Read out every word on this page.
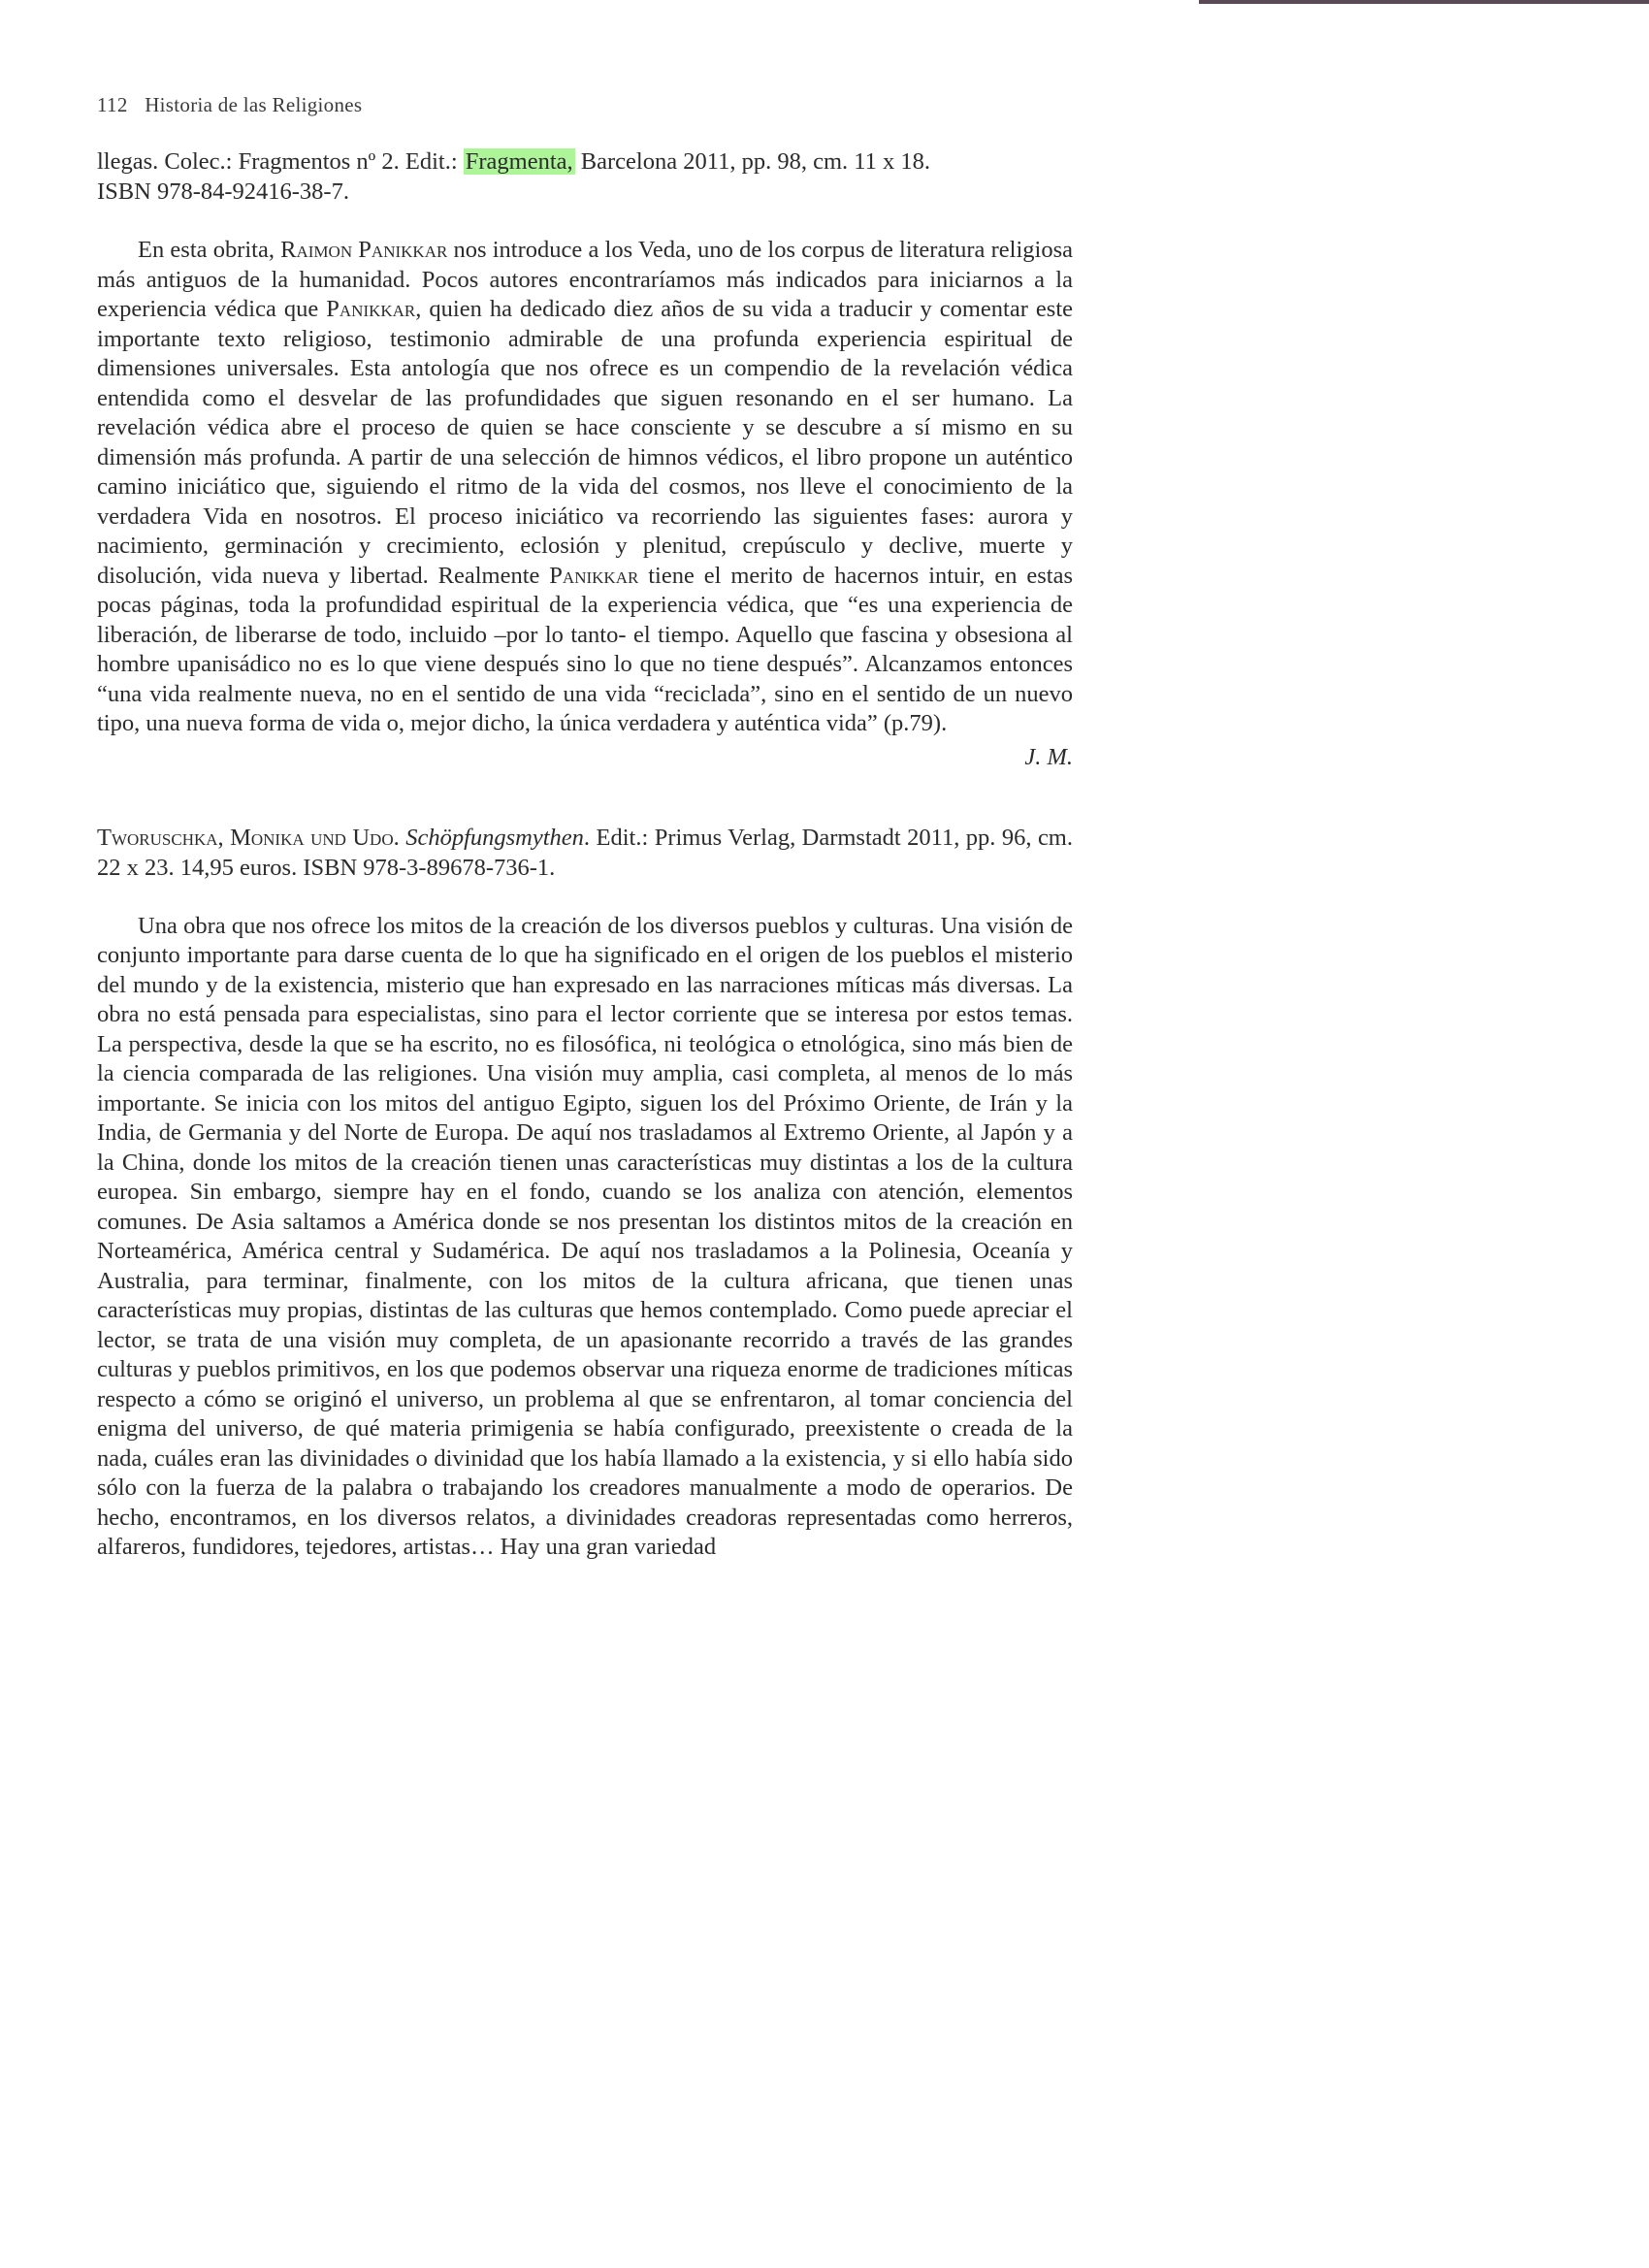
112 Historia de las Religiones

llegas. Colec.: Fragmentos nº 2. Edit.: Fragmenta, Barcelona 2011, pp. 98, cm. 11 x 18.
ISBN 978-84-92416-38-7.

En esta obrita, Raimon Panikkar nos introduce a los Veda, uno de los corpus de literatura religiosa más antiguos de la humanidad. Pocos autores encontraríamos más indicados para iniciarnos a la experiencia védica que Panikkar, quien ha dedicado diez años de su vida a traducir y comentar este importante texto religioso, testimonio admirable de una profunda experiencia espiritual de dimensiones universales. Esta antología que nos ofrece es un compendio de la revelación védica entendida como el desvelar de las profundidades que siguen resonando en el ser humano. La revelación védica abre el proceso de quien se hace consciente y se descubre a sí mismo en su dimensión más profunda. A partir de una selección de himnos védicos, el libro propone un auténtico camino iniciático que, siguiendo el ritmo de la vida del cosmos, nos lleve el conocimiento de la verdadera Vida en nosotros. El proceso iniciático va recorriendo las siguientes fases: aurora y nacimiento, germinación y crecimiento, eclosión y plenitud, crepúsculo y declive, muerte y disolución, vida nueva y libertad. Realmente Panikkar tiene el merito de hacernos intuir, en estas pocas páginas, toda la profundidad espiritual de la experiencia védica, que “es una experiencia de liberación, de liberarse de todo, incluido –por lo tanto- el tiempo. Aquello que fascina y obsesiona al hombre upanisádico no es lo que viene después sino lo que no tiene después”. Alcanzamos entonces “una vida realmente nueva, no en el sentido de una vida “reciclada”, sino en el sentido de un nuevo tipo, una nueva forma de vida o, mejor dicho, la única verdadera y auténtica vida” (p.79).

J. M.

Tworuschka, Monika und Udo. Schöpfungsmythen. Edit.: Primus Verlag, Darmstadt 2011, pp. 96, cm. 22 x 23. 14,95 euros. ISBN 978-3-89678-736-1.

Una obra que nos ofrece los mitos de la creación de los diversos pueblos y culturas. Una visión de conjunto importante para darse cuenta de lo que ha significado en el origen de los pueblos el misterio del mundo y de la existencia, misterio que han expresado en las narraciones míticas más diversas. La obra no está pensada para especialistas, sino para el lector corriente que se interesa por estos temas. La perspectiva, desde la que se ha escrito, no es filosófica, ni teológica o etnológica, sino más bien de la ciencia comparada de las religiones. Una visión muy amplia, casi completa, al menos de lo más importante. Se inicia con los mitos del antiguo Egipto, siguen los del Próximo Oriente, de Irán y la India, de Germania y del Norte de Europa. De aquí nos trasladamos al Extremo Oriente, al Japón y a la China, donde los mitos de la creación tienen unas características muy distintas a los de la cultura europea. Sin embargo, siempre hay en el fondo, cuando se los analiza con atención, elementos comunes. De Asia saltamos a América donde se nos presentan los distintos mitos de la creación en Norteamérica, América central y Sudamérica. De aquí nos trasladamos a la Polinesia, Oceanía y Australia, para terminar, finalmente, con los mitos de la cultura africana, que tienen unas características muy propias, distintas de las culturas que hemos contemplado. Como puede apreciar el lector, se trata de una visión muy completa, de un apasionante recorrido a través de las grandes culturas y pueblos primitivos, en los que podemos observar una riqueza enorme de tradiciones míticas respecto a cómo se originó el universo, un problema al que se enfrentaron, al tomar conciencia del enigma del universo, de qué materia primigenia se había configurado, preexistente o creada de la nada, cuáles eran las divinidades o divinidad que los había llamado a la existencia, y si ello había sido sólo con la fuerza de la palabra o trabajando los creadores manualmente a modo de operarios. De hecho, encontramos, en los diversos relatos, a divinidades creadoras representadas como herreros, alfareros, fundidores, tejedores, artistas… Hay una gran variedad
